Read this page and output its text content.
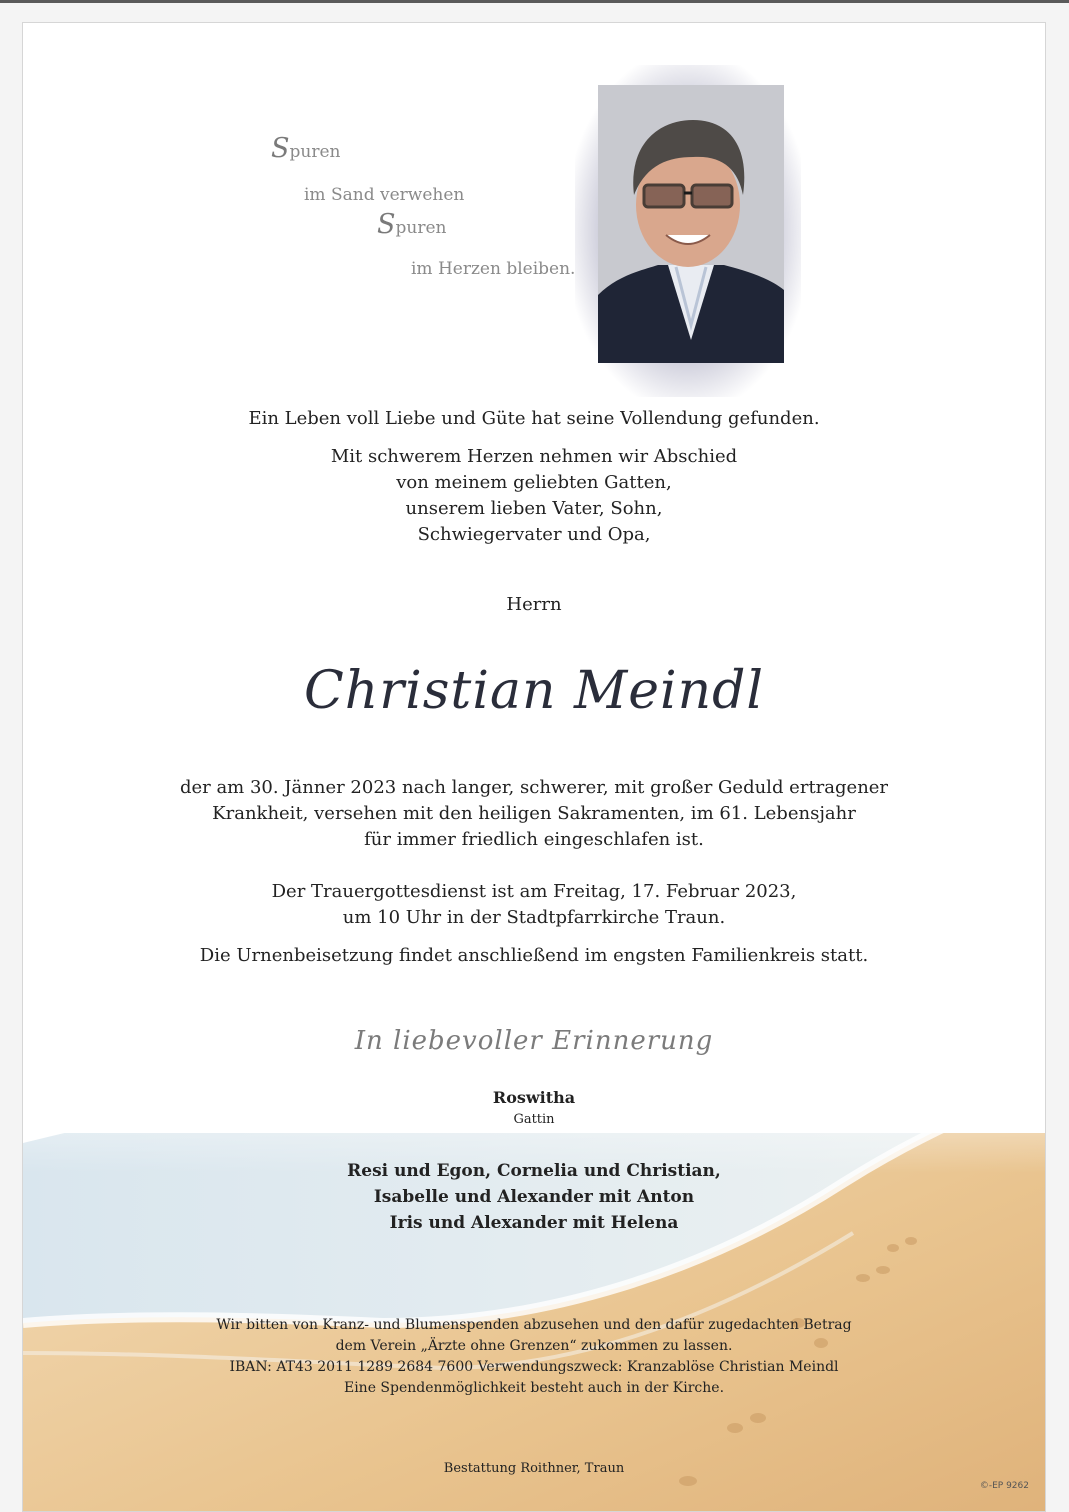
Spuren
im Sand verwehen
Spuren
im Herzen bleiben.
Ein Leben voll Liebe und Güte hat seine Vollendung gefunden.
Mit schwerem Herzen nehmen wir Abschied
von meinem geliebten Gatten,
unserem lieben Vater, Sohn,
Schwiegervater und Opa,
Herrn
Christian Meindl
der am 30. Jänner 2023 nach langer, schwerer, mit großer Geduld ertragener
Krankheit, versehen mit den heiligen Sakramenten, im 61. Lebensjahr
für immer friedlich eingeschlafen ist.
Der Trauergottesdienst ist am Freitag, 17. Februar 2023,
um 10 Uhr in der Stadtpfarrkirche Traun.
Die Urnenbeisetzung findet anschließend im engsten Familienkreis statt.
In liebevoller Erinnerung
Roswitha
Gattin
Resi und Egon, Cornelia und Christian,
Isabelle und Alexander mit Anton
Iris und Alexander mit Helena
Wir bitten von Kranz- und Blumenspenden abzusehen und den dafür zugedachten Betrag
dem Verein „Ärzte ohne Grenzen“ zukommen zu lassen.
IBAN: AT43 2011 1289 2684 7600 Verwendungszweck: Kranzablöse Christian Meindl
Eine Spendenmöglichkeit besteht auch in der Kirche.
Bestattung Roithner, Traun
©-EP 9262
